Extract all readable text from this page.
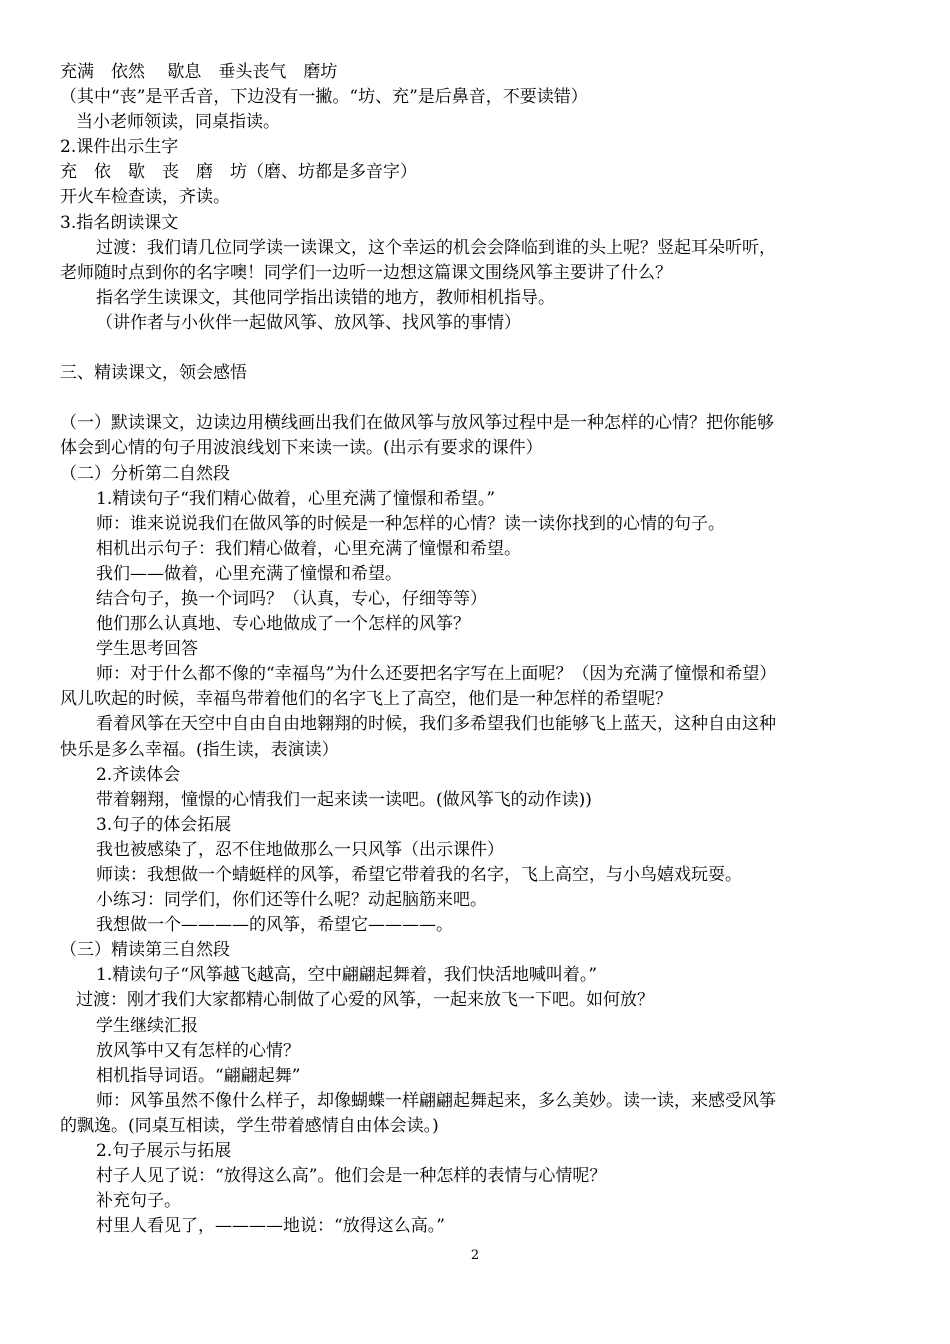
充满　依然　 歇息　垂头丧气　磨坊
（其中“丧”是平舌音，下边没有一撇。“坊、充”是后鼻音，不要读错）
当小老师领读，同桌指读。
2.课件出示生字
充　依　歇　丧　磨　坊（磨、坊都是多音字）
开火车检查读，齐读。
3.指名朗读课文
过渡：我们请几位同学读一读课文，这个幸运的机会会降临到谁的头上呢？竖起耳朵听听，
老师随时点到你的名字噢！同学们一边听一边想这篇课文围绕风筝主要讲了什么？
指名学生读课文，其他同学指出读错的地方，教师相机指导。
（讲作者与小伙伴一起做风筝、放风筝、找风筝的事情）
三、精读课文，领会感悟
（一）默读课文，边读边用横线画出我们在做风筝与放风筝过程中是一种怎样的心情？把你能够
体会到心情的句子用波浪线划下来读一读。(出示有要求的课件）
（二）分析第二自然段
1.精读句子“我们精心做着，心里充满了憧憬和希望。”
师：谁来说说我们在做风筝的时候是一种怎样的心情？读一读你找到的心情的句子。
相机出示句子：我们精心做着，心里充满了憧憬和希望。
我们——做着，心里充满了憧憬和希望。
结合句子，换一个词吗？（认真，专心，仔细等等）
他们那么认真地、专心地做成了一个怎样的风筝？
学生思考回答
师：对于什么都不像的“幸福鸟”为什么还要把名字写在上面呢？（因为充满了憧憬和希望）
风儿吹起的时候，幸福鸟带着他们的名字飞上了高空，他们是一种怎样的希望呢？
看着风筝在天空中自由自由地翱翔的时候，我们多希望我们也能够飞上蓝天，这种自由这种
快乐是多么幸福。(指生读，表演读）
2.齐读体会
带着翱翔，憧憬的心情我们一起来读一读吧。(做风筝飞的动作读))
3.句子的体会拓展
我也被感染了，忍不住地做那么一只风筝（出示课件）
师读：我想做一个蜻蜓样的风筝，希望它带着我的名字，飞上高空，与小鸟嬉戏玩耍。
小练习：同学们，你们还等什么呢？动起脑筋来吧。
我想做一个————的风筝，希望它————。
（三）精读第三自然段
1.精读句子“风筝越飞越高，空中翩翩起舞着，我们快活地喊叫着。”
过渡：刚才我们大家都精心制做了心爱的风筝，一起来放飞一下吧。如何放？
学生继续汇报
放风筝中又有怎样的心情？
相机指导词语。“翩翩起舞”
师：风筝虽然不像什么样子，却像蝴蝶一样翩翩起舞起来，多么美妙。读一读，来感受风筝
的飘逸。(同桌互相读，学生带着感情自由体会读。)
2.句子展示与拓展
村子人见了说：“放得这么高”。他们会是一种怎样的表情与心情呢？
补充句子。
村里人看见了，————地说：“放得这么高。”
2
